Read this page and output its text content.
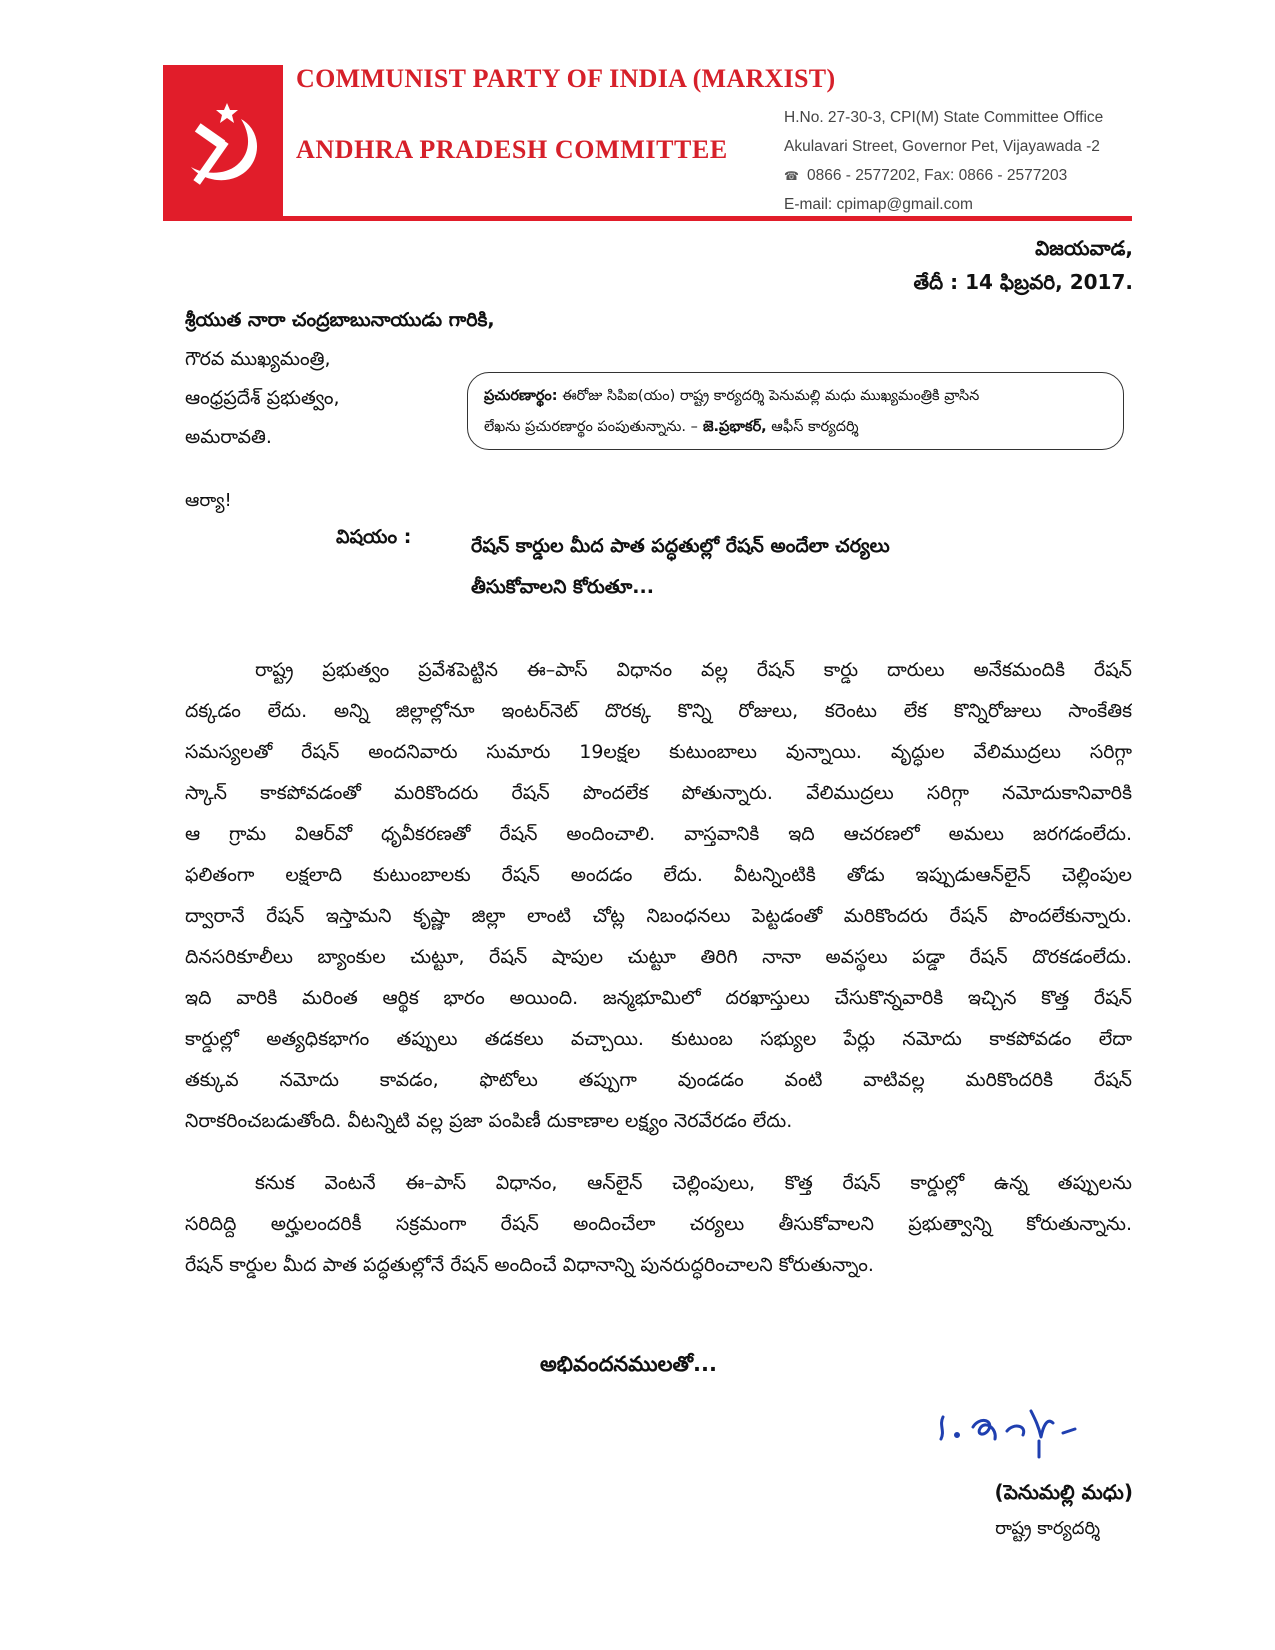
COMMUNIST PARTY OF INDIA (MARXIST)
ANDHRA PRADESH COMMITTEE
H.No. 27-30-3, CPI(M) State Committee Office
Akulavari Street, Governor Pet, Vijayawada -2
☎ 0866 - 2577202, Fax: 0866 - 2577203
E-mail: cpimap@gmail.com
విజయవాడ,
తేదీ : 14 ఫిబ్రవరి, 2017.
శ్రీయుత నారా చంద్రబాబునాయుడు గారికి,
గౌరవ ముఖ్యమంత్రి,
ఆంధ్రప్రదేశ్ ప్రభుత్వం,
అమరావతి.
ప్రచురణార్థం: ఈరోజు సిపిఐ(యం) రాష్ట్ర కార్యదర్శి పెనుమల్లి మధు ముఖ్యమంత్రికి వ్రాసిన
లేఖను ప్రచురణార్థం పంపుతున్నాను. – జె.ప్రభాకర్, ఆఫీస్ కార్యదర్శి
ఆర్యా!
విషయం :	రేషన్ కార్డుల మీద పాత పద్ధతుల్లో రేషన్ అందేలా చర్యలు
తీసుకోవాలని కోరుతూ...
రాష్ట్ర ప్రభుత్వం ప్రవేశపెట్టిన ఈ–పాస్ విధానం వల్ల రేషన్ కార్డు దారులు అనేకమందికి రేషన్
దక్కడం లేదు. అన్ని జిల్లాల్లోనూ ఇంటర్‌నెట్ దొరక్క కొన్ని రోజులు, కరెంటు లేక కొన్నిరోజులు సాంకేతిక
సమస్యలతో రేషన్ అందనివారు సుమారు 19లక్షల కుటుంబాలు వున్నాయి. వృద్ధుల వేలిముద్రలు సరిగ్గా
స్కాన్ కాకపోవడంతో మరికొందరు రేషన్ పొందలేక పోతున్నారు. వేలిముద్రలు సరిగ్గా నమోదుకానివారికి
ఆ గ్రామ విఆర్‌వో ధృవీకరణతో రేషన్ అందించాలి. వాస్తవానికి ఇది ఆచరణలో అమలు జరగడంలేదు.
ఫలితంగా లక్షలాది కుటుంబాలకు రేషన్ అందడం లేదు. వీటన్నింటికి తోడు ఇప్పుడుఆన్‌లైన్ చెల్లింపుల
ద్వారానే రేషన్ ఇస్తామని కృష్ణా జిల్లా లాంటి చోట్ల నిబంధనలు పెట్టడంతో మరికొందరు రేషన్ పొందలేకున్నారు.
దినసరికూలీలు బ్యాంకుల చుట్టూ, రేషన్ షాపుల చుట్టూ తిరిగి నానా అవస్థలు పడ్డా రేషన్ దొరకడంలేదు.
ఇది వారికి మరింత ఆర్థిక భారం అయింది. జన్మభూమిలో దరఖాస్తులు చేసుకొన్నవారికి ఇచ్చిన కొత్త రేషన్
కార్డుల్లో అత్యధికభాగం తప్పులు తడకలు వచ్చాయి. కుటుంబ సభ్యుల పేర్లు నమోదు కాకపోవడం లేదా
తక్కువ నమోదు కావడం, ఫొటోలు తప్పుగా వుండడం వంటి వాటివల్ల మరికొందరికి రేషన్
నిరాకరించబడుతోంది. వీటన్నిటి వల్ల ప్రజా పంపిణీ దుకాణాల లక్ష్యం నెరవేరడం లేదు.
కనుక వెంటనే ఈ–పాస్ విధానం, ఆన్‌లైన్ చెల్లింపులు, కొత్త రేషన్ కార్డుల్లో ఉన్న తప్పులను
సరిదిద్ది అర్హులందరికీ సక్రమంగా రేషన్ అందించేలా చర్యలు తీసుకోవాలని ప్రభుత్వాన్ని కోరుతున్నాను.
రేషన్ కార్డుల మీద పాత పద్ధతుల్లోనే రేషన్ అందించే విధానాన్ని పునరుద్ధరించాలని కోరుతున్నాం.
అభివందనములతో...
(పెనుమల్లి మధు)
రాష్ట్ర కార్యదర్శి
